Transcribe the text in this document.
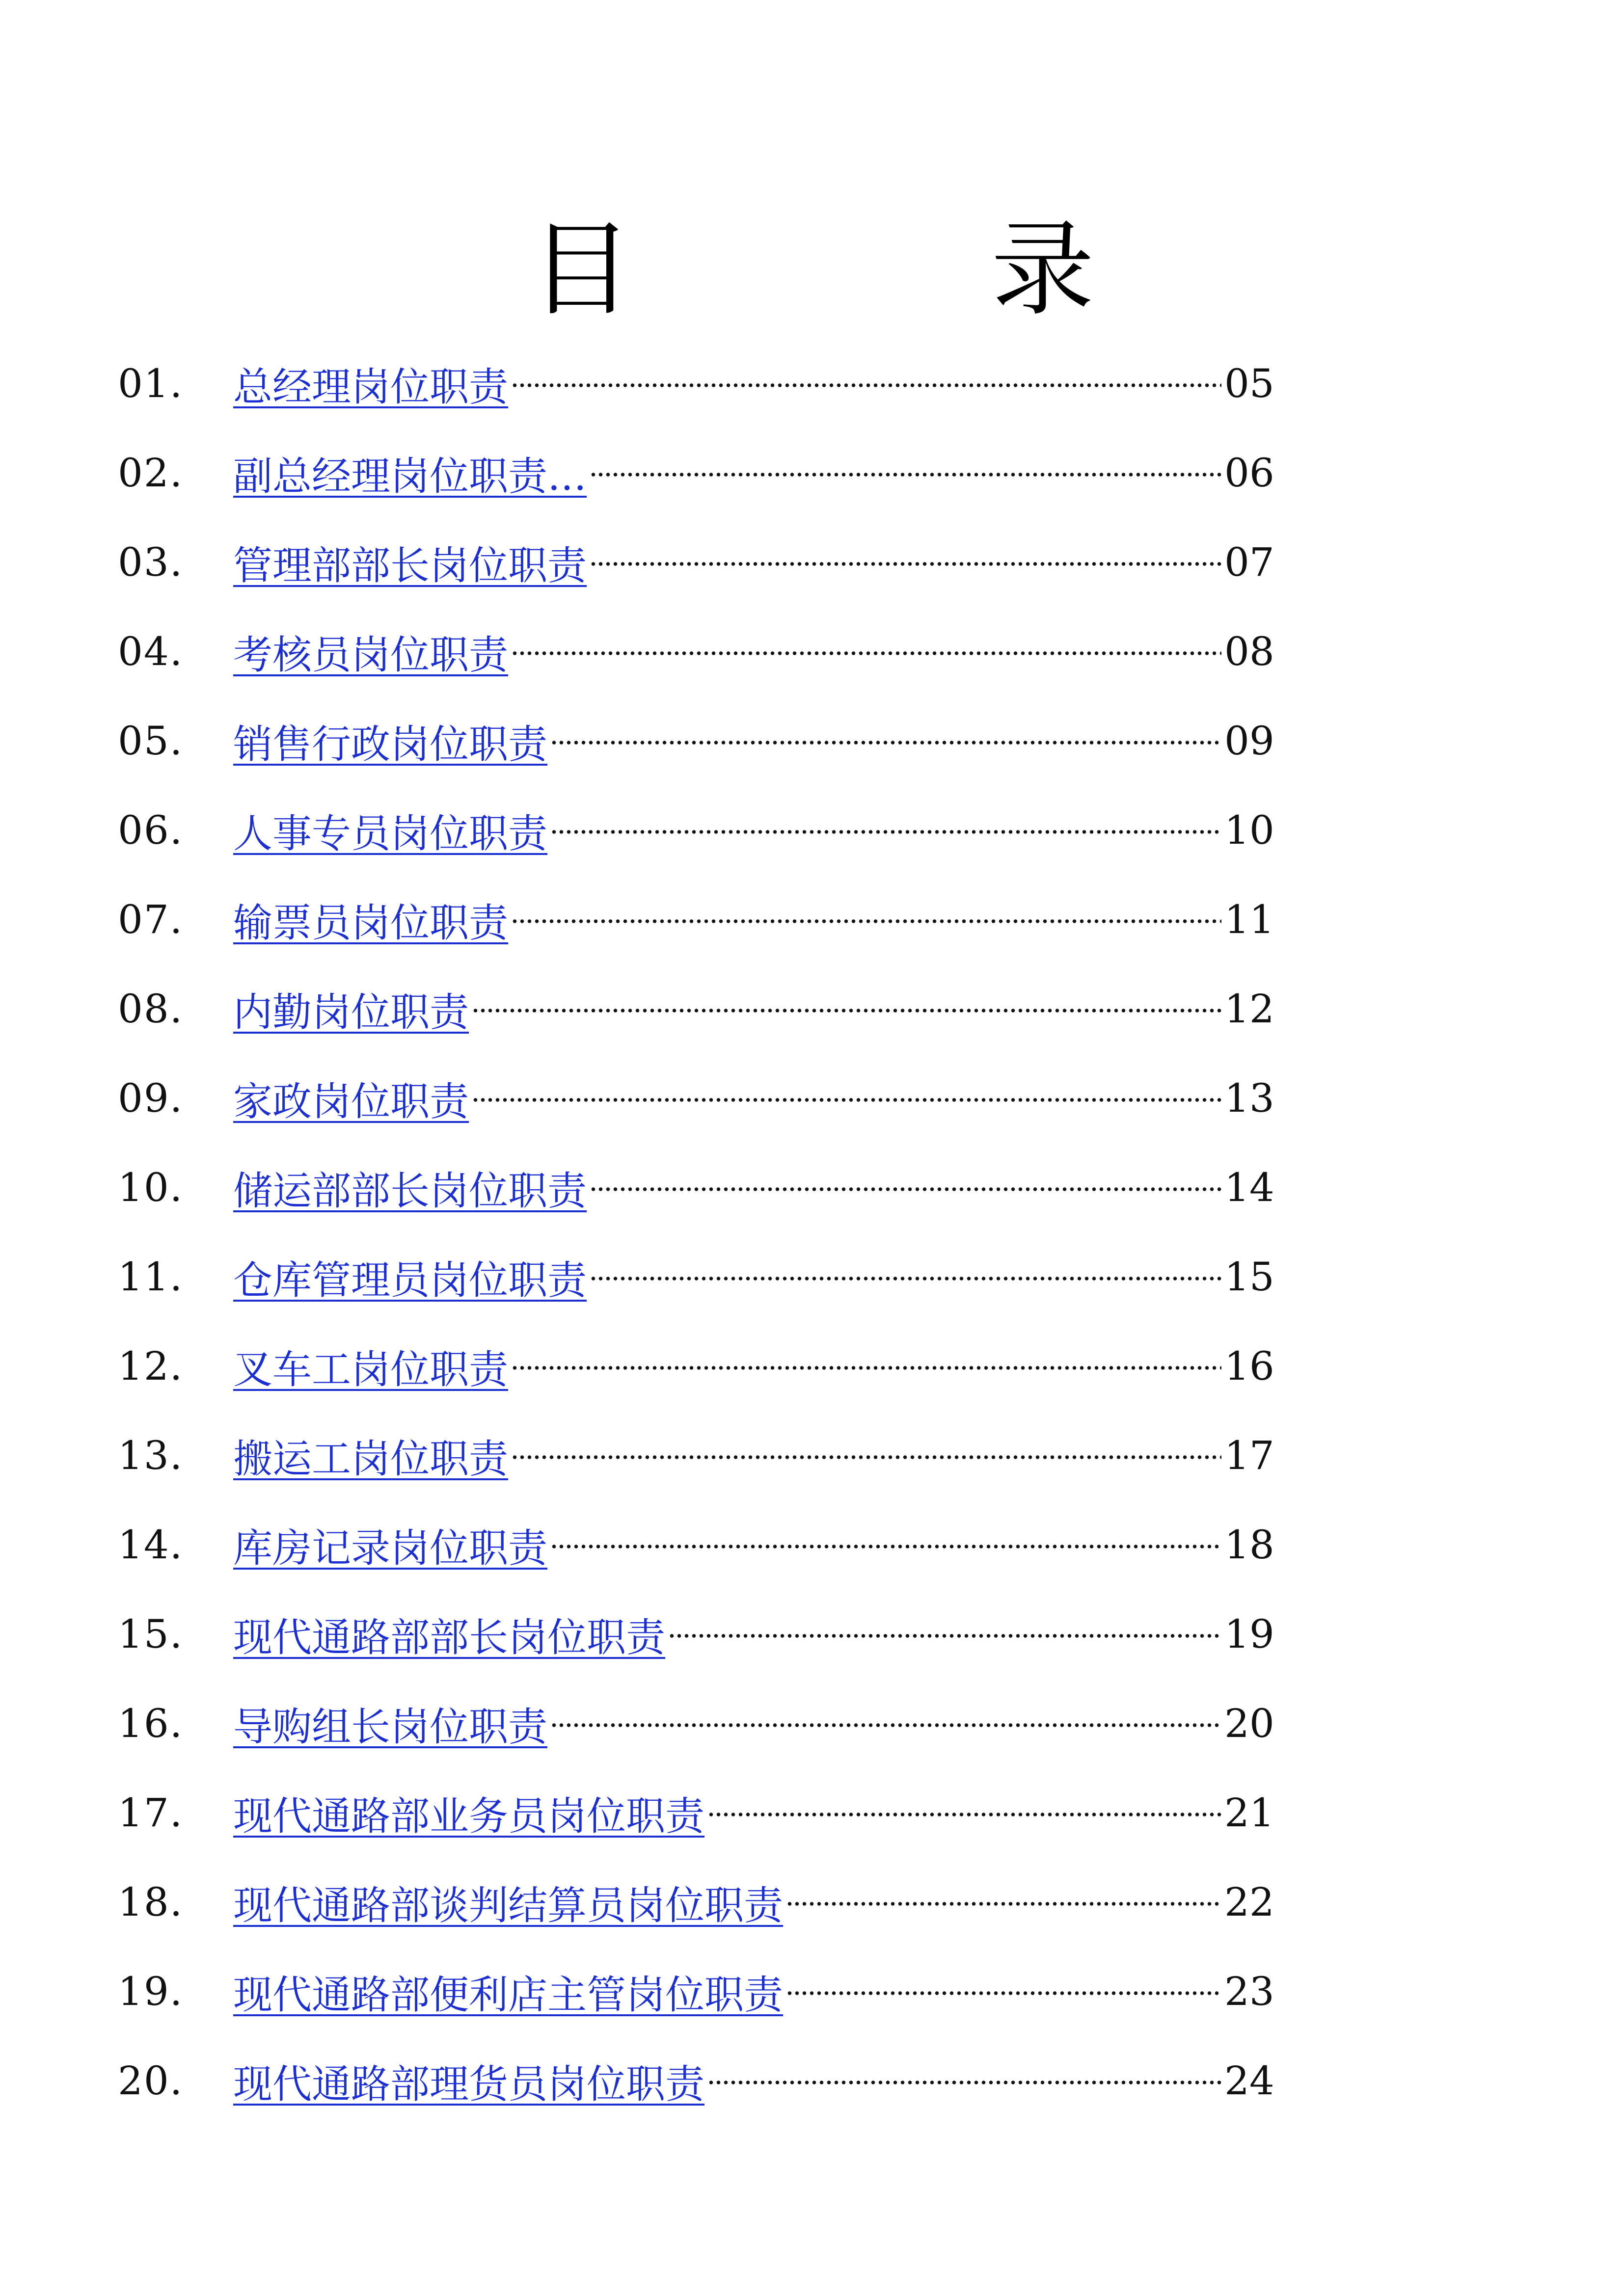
目　录
01.	总经理岗位职责	05
02.	副总经理岗位职责…	06
03.	管理部部长岗位职责	07
04.	考核员岗位职责	08
05.	销售行政岗位职责	09
06.	人事专员岗位职责	10
07.	输票员岗位职责	11
08.	内勤岗位职责	12
09.	家政岗位职责	13
10.	储运部部长岗位职责	14
11.	仓库管理员岗位职责	15
12.	叉车工岗位职责	16
13.	搬运工岗位职责	17
14.	库房记录岗位职责	18
15.	现代通路部部长岗位职责	19
16.	导购组长岗位职责	20
17.	现代通路部业务员岗位职责	21
18.	现代通路部谈判结算员岗位职责	22
19.	现代通路部便利店主管岗位职责	23
20.	现代通路部理货员岗位职责	24
